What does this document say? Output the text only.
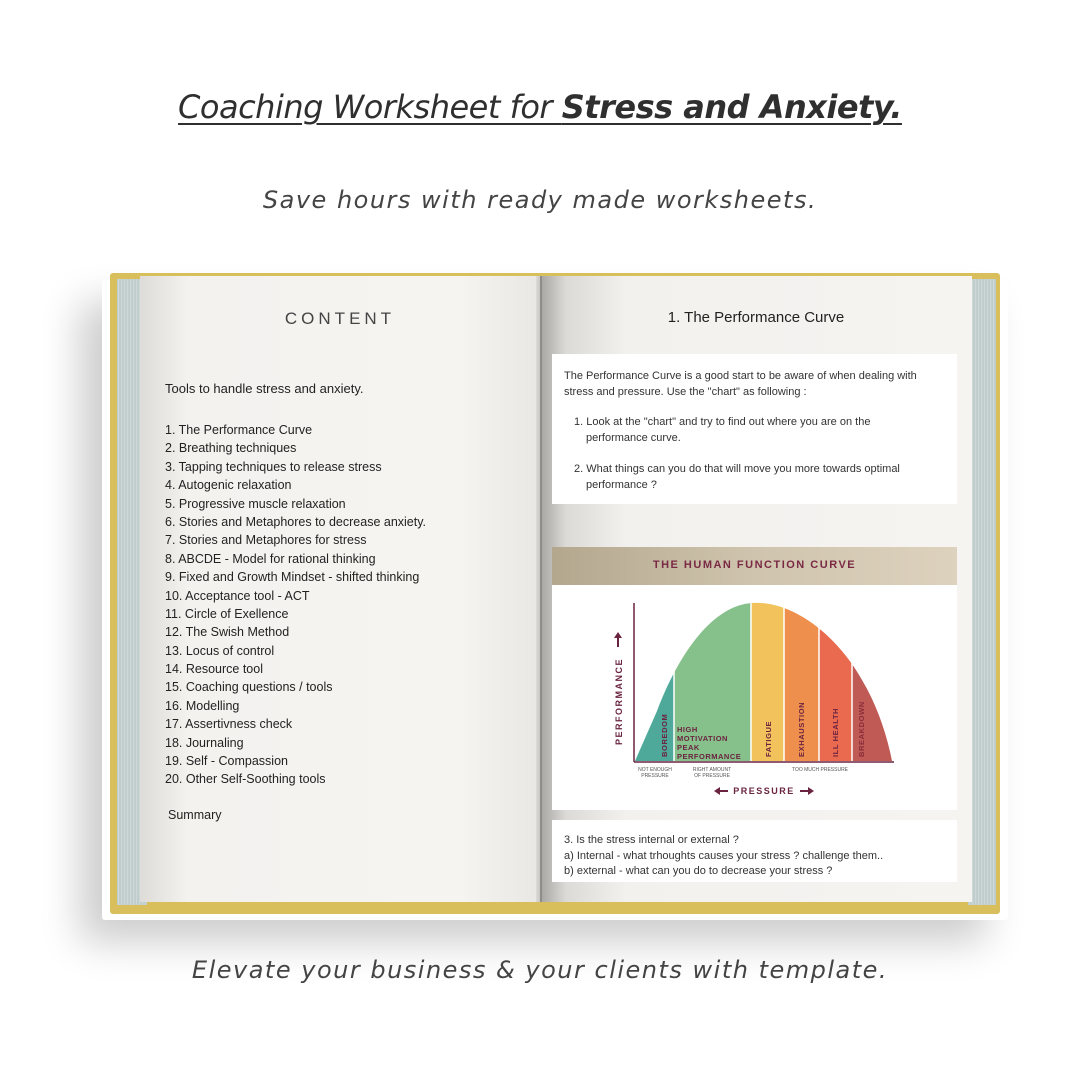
Coaching Worksheet for Stress and Anxiety.
Save hours with ready made worksheets.
CONTENT
Tools to handle stress and anxiety.
1. The Performance Curve
2. Breathing techniques
3. Tapping techniques to release stress
4. Autogenic relaxation
5. Progressive muscle relaxation
6. Stories and Metaphores to decrease anxiety.
7. Stories and Metaphores for stress
8. ABCDE - Model for rational thinking
9. Fixed and Growth Mindset - shifted thinking
10. Acceptance tool - ACT
11. Circle of Exellence
12. The Swish Method
13. Locus of control
14. Resource tool
15. Coaching questions / tools
16. Modelling
17. Assertivness check
18. Journaling
19. Self - Compassion
20. Other Self-Soothing tools
Summary
1. The Performance Curve
The Performance Curve is a good start to be aware of when dealing with
stress and pressure. Use the "chart" as following :
1. Look at the "chart" and try to find out where you are on the
performance curve.
2. What things can you do that will move you more towards optimal
performance ?
THE HUMAN FUNCTION CURVE
BOREDOM	FATIGUE	EXHAUSTION	ILL HEALTH BREAKDOWN
HIGH
MOTIVATION
PEAK
PERFORMANCE
PERFORMANCE
NOT ENOUGH
PRESSURE
RIGHT AMOUNT
OF PRESSURE
TOO MUCH PRESSURE
PRESSURE
3. Is the stress internal or external ?
a) Internal - what trhoughts causes your stress ? challenge them..
b) external - what can you do to decrease your stress ?
Elevate your business & your clients with template.
